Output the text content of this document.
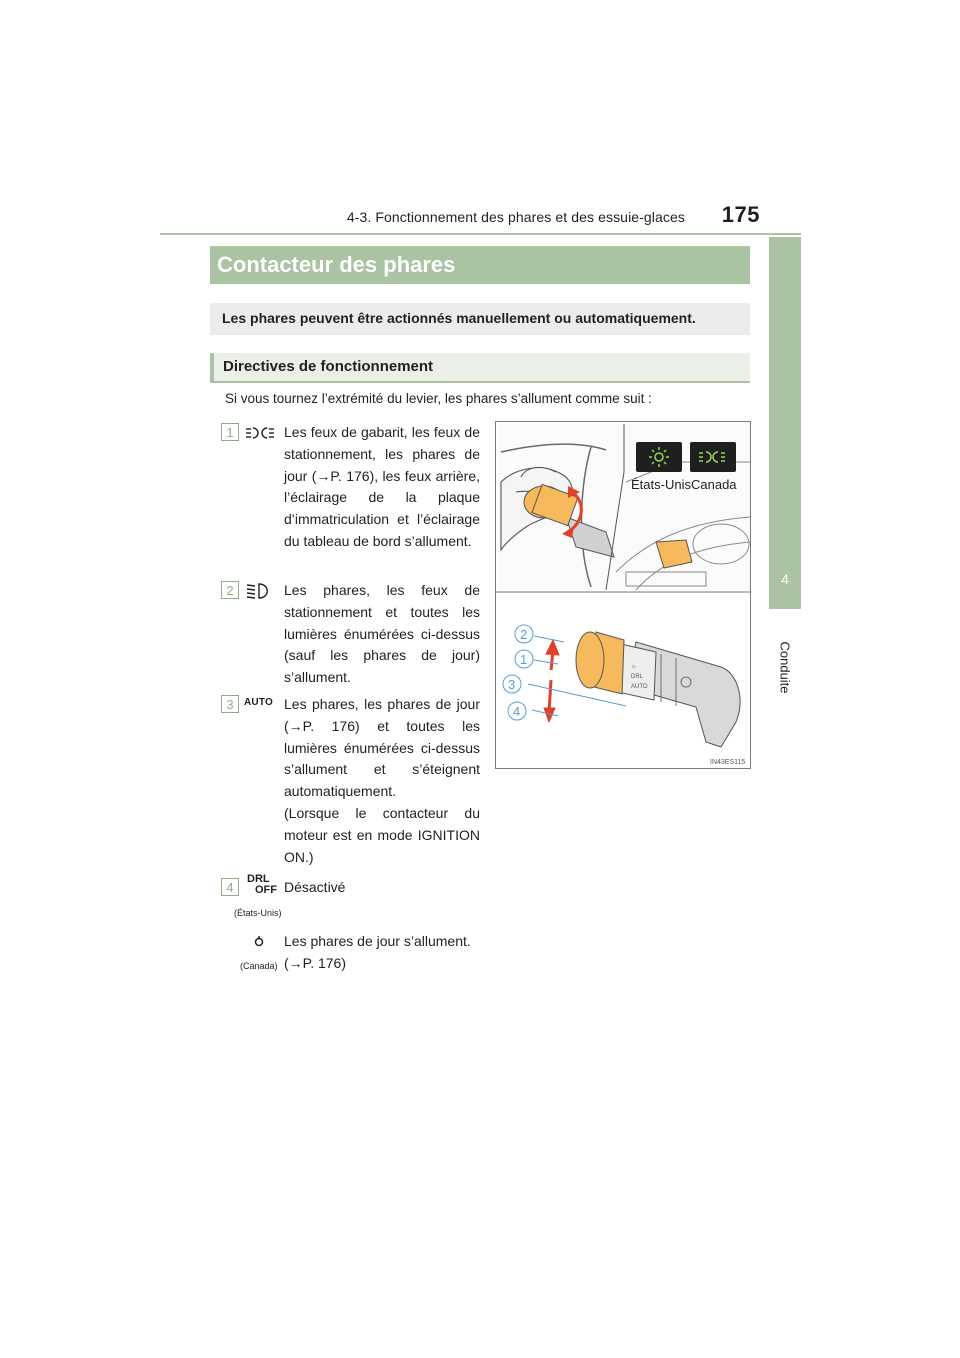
4-3. Fonctionnement des phares et des essuie-glaces	175
4
Conduite
Contacteur des phares
Les phares peuvent être actionnés manuellement ou automatiquement.
Directives de fonctionnement
Si vous tournez l’extrémité du levier, les phares s’allument comme suit :
1	Les feux de gabarit, les feux de stationnement, les phares de jour (→P. 176), les feux arrière, l’éclairage de la plaque d’immatriculation et l’éclairage du tableau de bord s’allument.
2	Les phares, les feux de stationnement et toutes les lumières énumérées ci-dessus (sauf les phares de jour) s’allument.
3	AUTO Les phares, les phares de jour (→P. 176) et toutes les lumières énumérées ci-dessus s’allument et s’éteignent automatiquement.
(Lorsque le contacteur du moteur est en mode IGNITION ON.)
4
DRL
OFF
(États-Unis)
Désactivé
(Canada)
Les phares de jour s’allument. (→P. 176)
États-Unis Canada
☼
DRL
AUTO
2
1
3
4
IN43ES115
